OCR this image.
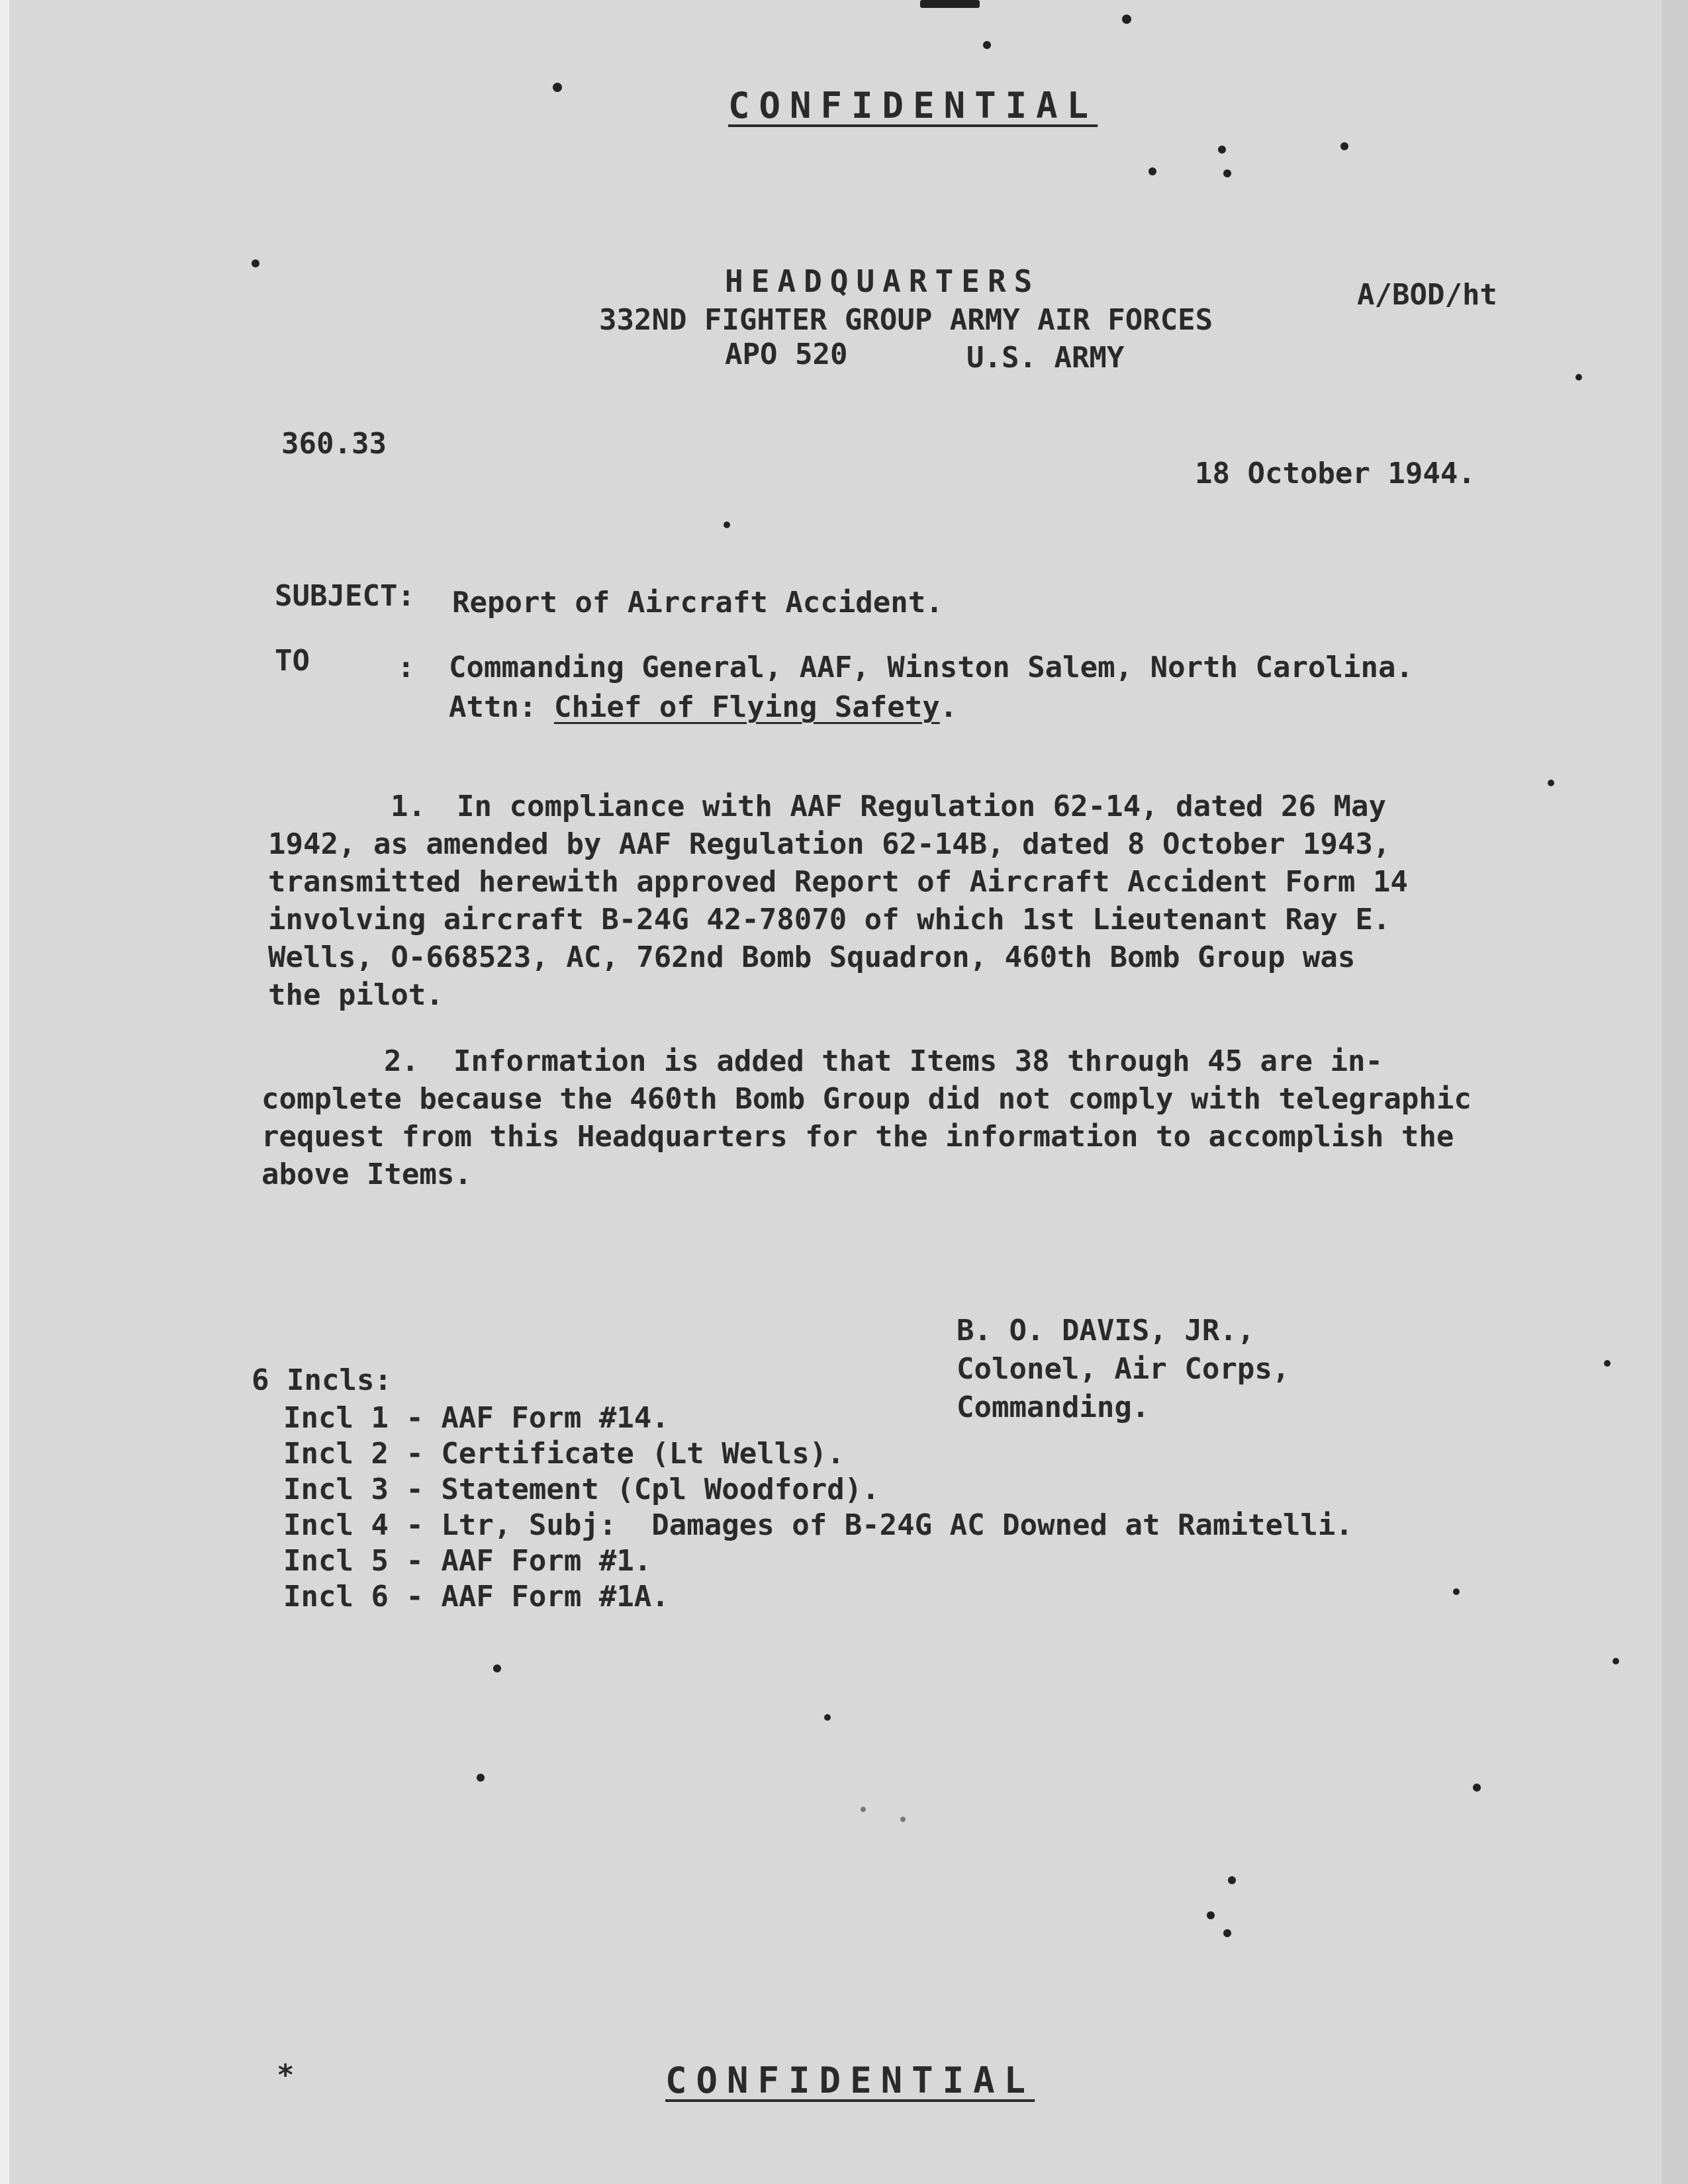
CONFIDENTIAL
HEADQUARTERS
332ND FIGHTER GROUP ARMY AIR FORCES
APO 520	U.S. ARMY
A/BOD/ht
360.33
18 October 1944.
SUBJECT: Report of Aircraft Accident.
TO	: Commanding General, AAF, Winston Salem, North Carolina.
Attn: Chief of Flying Safety.
1. In compliance with AAF Regulation 62-14, dated 26 May
1942, as amended by AAF Regulation 62-14B, dated 8 October 1943,
transmitted herewith approved Report of Aircraft Accident Form 14
involving aircraft B-24G 42-78070 of which 1st Lieutenant Ray E.
Wells, O-668523, AC, 762nd Bomb Squadron, 460th Bomb Group was
the pilot.
2. Information is added that Items 38 through 45 are in-
complete because the 460th Bomb Group did not comply with telegraphic
request from this Headquarters for the information to accomplish the
above Items.
B. O. DAVIS, JR.,
Colonel, Air Corps,
Commanding.
6 Incls:
Incl 1 - AAF Form #14.
Incl 2 - Certificate (Lt Wells).
Incl 3 - Statement (Cpl Woodford).
Incl 4 - Ltr, Subj:  Damages of B-24G AC Downed at Ramitelli.
Incl 5 - AAF Form #1.
Incl 6 - AAF Form #1A.
*	CONFIDENTIAL
